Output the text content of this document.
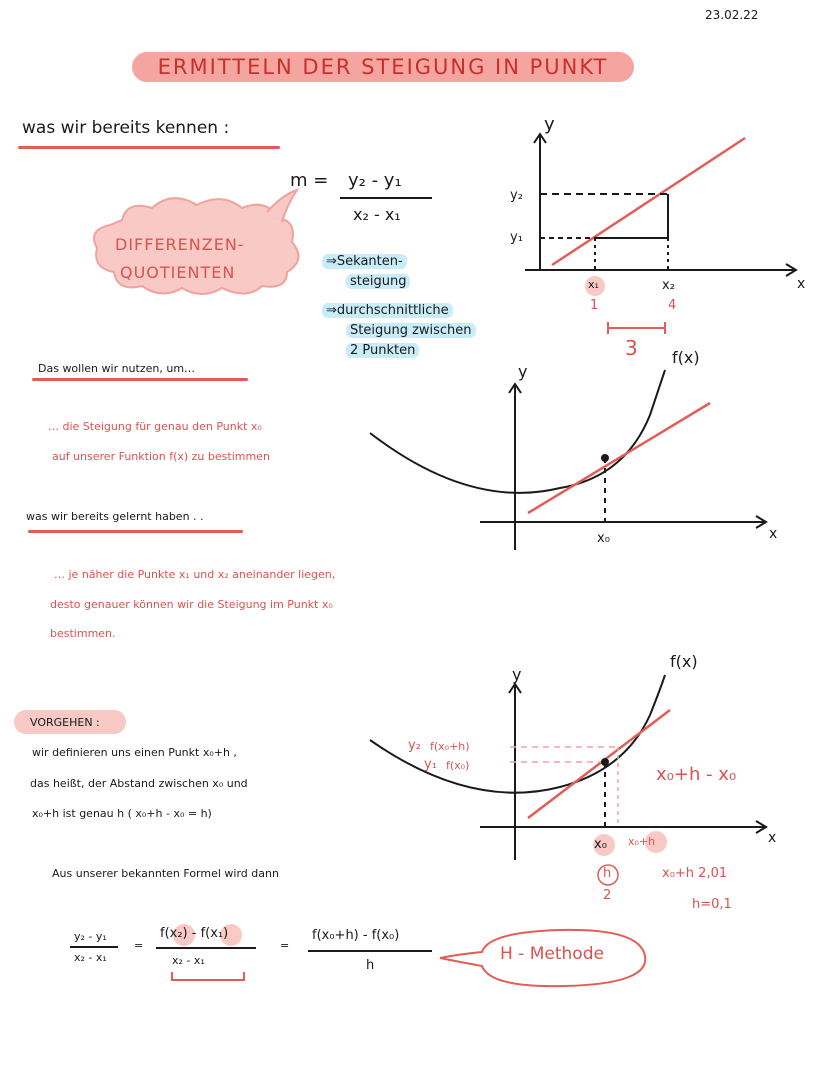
23.02.22
ERMITTELN DER STEIGUNG IN PUNKT
was wir bereits kennen :
DIFFERENZEN-
QUOTIENTEN
m = y₂ - y₁
x₂ - x₁
⇒Sekanten-
steigung
⇒durchschnittliche
Steigung zwischen
2 Punkten
y
x
y₂
y₁
x₁	x₂
1	4
3
Das wollen wir nutzen, um…
… die Steigung für genau den Punkt x₀
auf unserer Funktion f(x) zu bestimmen
y
f(x)
x
x₀
was wir bereits gelernt haben . .
… je näher die Punkte x₁ und x₂ aneinander liegen,
desto genauer können wir die Steigung im Punkt x₀
bestimmen.
VORGEHEN :
wir definieren uns einen Punkt x₀+h ,
das heißt, der Abstand zwischen x₀ und
x₀+h ist genau h ( x₀+h - x₀ = h)
Aus unserer bekannten Formel wird dann
y
f(x)
x
y₂ f(x₀+h)
y₁ f(x₀)	x₀+h - x₀
x₀ x₀+h
h
2
x₀+h 2,01
h=0,1
y₂ - y₁
x₂ - x₁
=
f(x₂) - f(x₁)
x₂ - x₁
=
f(x₀+h) - f(x₀)
h
H - Methode
